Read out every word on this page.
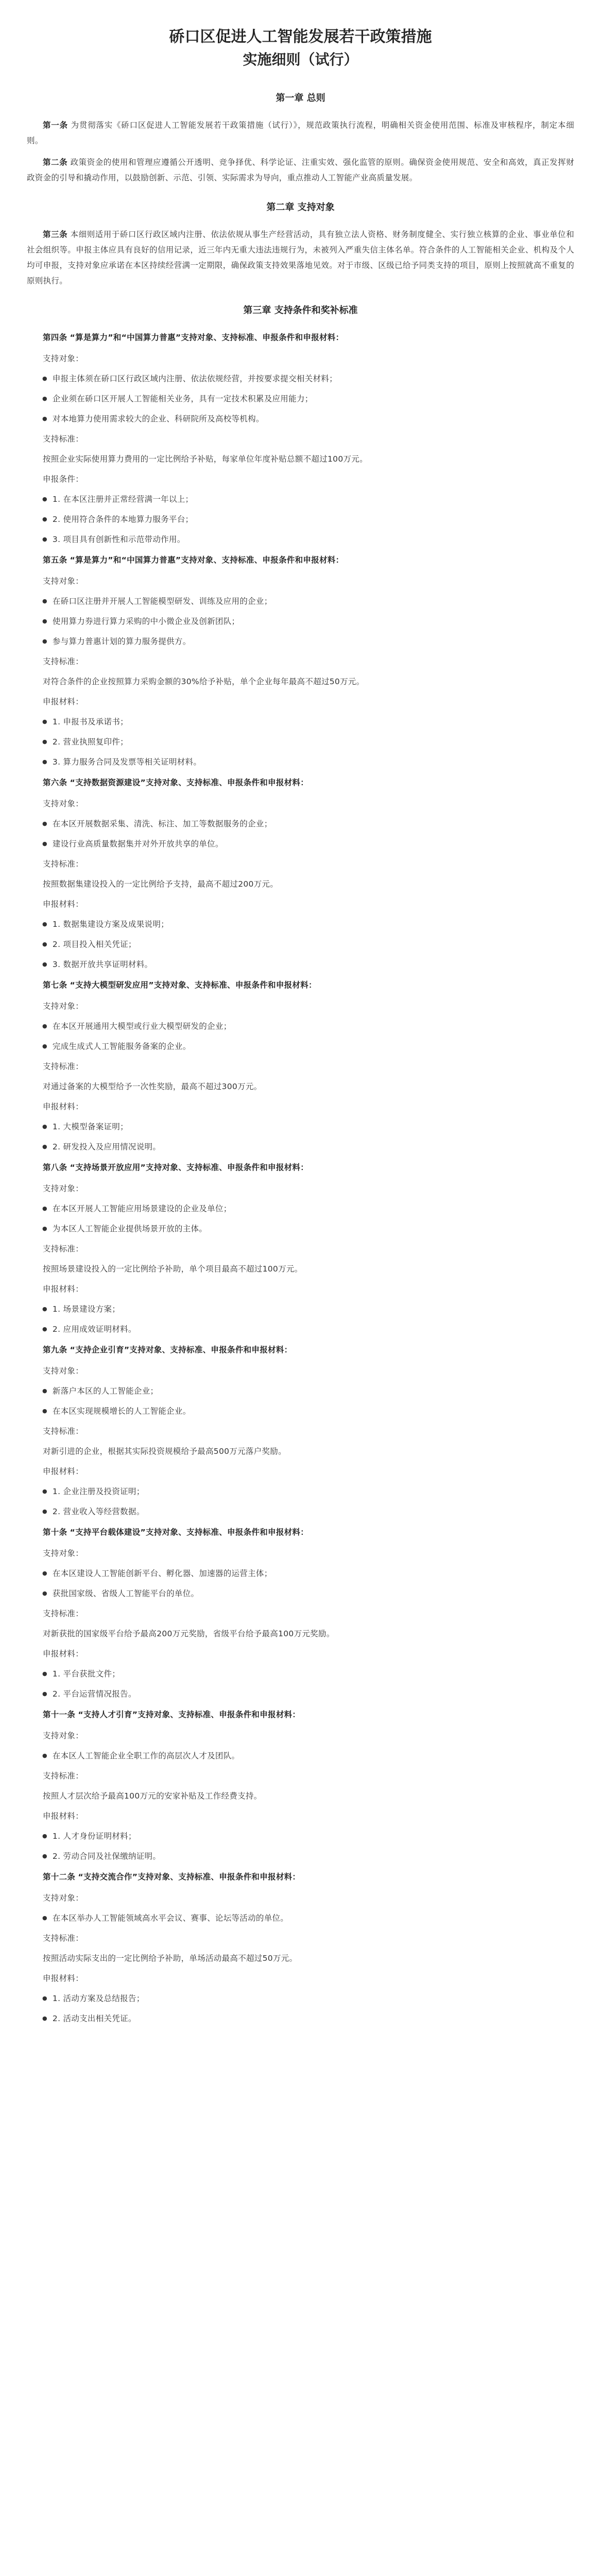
硚口区促进人工智能发展若干政策措施
实施细则（试行）
第一章 总则

第一条 为贯彻落实《硚口区促进人工智能发展若干政策措施（试行）》，规范政策执行流程，明确相关资金使用范围、标准及审核程序，制定本细则。

第二条 政策资金的使用和管理应遵循公开透明、竞争择优、科学论证、注重实效、强化监管的原则。确保资金使用规范、安全和高效，真正发挥财政资金的引导和撬动作用，以鼓励创新、示范、引领、实际需求为导向，重点推动人工智能产业高质量发展。

第二章 支持对象

第三条 本细则适用于硚口区行政区域内注册、依法依规从事生产经营活动，具有独立法人资格、财务制度健全、实行独立核算的企业、事业单位和社会组织等。申报主体应具有良好的信用记录，近三年内无重大违法违规行为，未被列入严重失信主体名单。符合条件的人工智能相关企业、机构及个人均可申报，支持对象应承诺在本区持续经营满一定期限，确保政策支持效果落地见效。对于市级、区级已给予同类支持的项目，原则上按照就高不重复的原则执行。

第三章 支持条件和奖补标准

第四条 “算是算力”和“中国算力普惠”支持对象、支持标准、申报条件和申报材料：

支持对象：

● 申报主体须在硚口区行政区域内注册、依法依规经营，并按要求提交相关材料；

● 企业须在硚口区开展人工智能相关业务，具有一定技术积累及应用能力；

● 对本地算力使用需求较大的企业、科研院所及高校等机构。

支持标准：

按照企业实际使用算力费用的一定比例给予补贴，每家单位年度补贴总额不超过100万元。

申报条件：

● 1. 在本区注册并正常经营满一年以上；

● 2. 使用符合条件的本地算力服务平台；

● 3. 项目具有创新性和示范带动作用。

第五条 “算是算力”和“中国算力普惠”支持对象、支持标准、申报条件和申报材料：

支持对象：

● 在硚口区注册并开展人工智能模型研发、训练及应用的企业；

● 使用算力券进行算力采购的中小微企业及创新团队；

● 参与算力普惠计划的算力服务提供方。

支持标准：

对符合条件的企业按照算力采购金额的30%给予补贴，单个企业每年最高不超过50万元。

申报材料：

● 1. 申报书及承诺书；

● 2. 营业执照复印件；

● 3. 算力服务合同及发票等相关证明材料。

第六条 “支持数据资源建设”支持对象、支持标准、申报条件和申报材料：

支持对象：

● 在本区开展数据采集、清洗、标注、加工等数据服务的企业；

● 建设行业高质量数据集并对外开放共享的单位。

支持标准：

按照数据集建设投入的一定比例给予支持，最高不超过200万元。

申报材料：

● 1. 数据集建设方案及成果说明；

● 2. 项目投入相关凭证；

● 3. 数据开放共享证明材料。

第七条 “支持大模型研发应用”支持对象、支持标准、申报条件和申报材料：

支持对象：

● 在本区开展通用大模型或行业大模型研发的企业；

● 完成生成式人工智能服务备案的企业。

支持标准：

对通过备案的大模型给予一次性奖励，最高不超过300万元。

申报材料：

● 1. 大模型备案证明；

● 2. 研发投入及应用情况说明。

第八条 “支持场景开放应用”支持对象、支持标准、申报条件和申报材料：

支持对象：

● 在本区开展人工智能应用场景建设的企业及单位；

● 为本区人工智能企业提供场景开放的主体。

支持标准：

按照场景建设投入的一定比例给予补助，单个项目最高不超过100万元。

申报材料：

● 1. 场景建设方案；

● 2. 应用成效证明材料。

第九条 “支持企业引育”支持对象、支持标准、申报条件和申报材料：

支持对象：

● 新落户本区的人工智能企业；

● 在本区实现规模增长的人工智能企业。

支持标准：

对新引进的企业，根据其实际投资规模给予最高500万元落户奖励。

申报材料：

● 1. 企业注册及投资证明；

● 2. 营业收入等经营数据。

第十条 “支持平台载体建设”支持对象、支持标准、申报条件和申报材料：

支持对象：

● 在本区建设人工智能创新平台、孵化器、加速器的运营主体；

● 获批国家级、省级人工智能平台的单位。

支持标准：

对新获批的国家级平台给予最高200万元奖励，省级平台给予最高100万元奖励。

申报材料：

● 1. 平台获批文件；

● 2. 平台运营情况报告。

第十一条 “支持人才引育”支持对象、支持标准、申报条件和申报材料：

支持对象：

● 在本区人工智能企业全职工作的高层次人才及团队。

支持标准：

按照人才层次给予最高100万元的安家补贴及工作经费支持。

申报材料：

● 1. 人才身份证明材料；

● 2. 劳动合同及社保缴纳证明。

第十二条 “支持交流合作”支持对象、支持标准、申报条件和申报材料：

支持对象：

● 在本区举办人工智能领域高水平会议、赛事、论坛等活动的单位。

支持标准：

按照活动实际支出的一定比例给予补助，单场活动最高不超过50万元。

申报材料：

● 1. 活动方案及总结报告；

● 2. 活动支出相关凭证。
